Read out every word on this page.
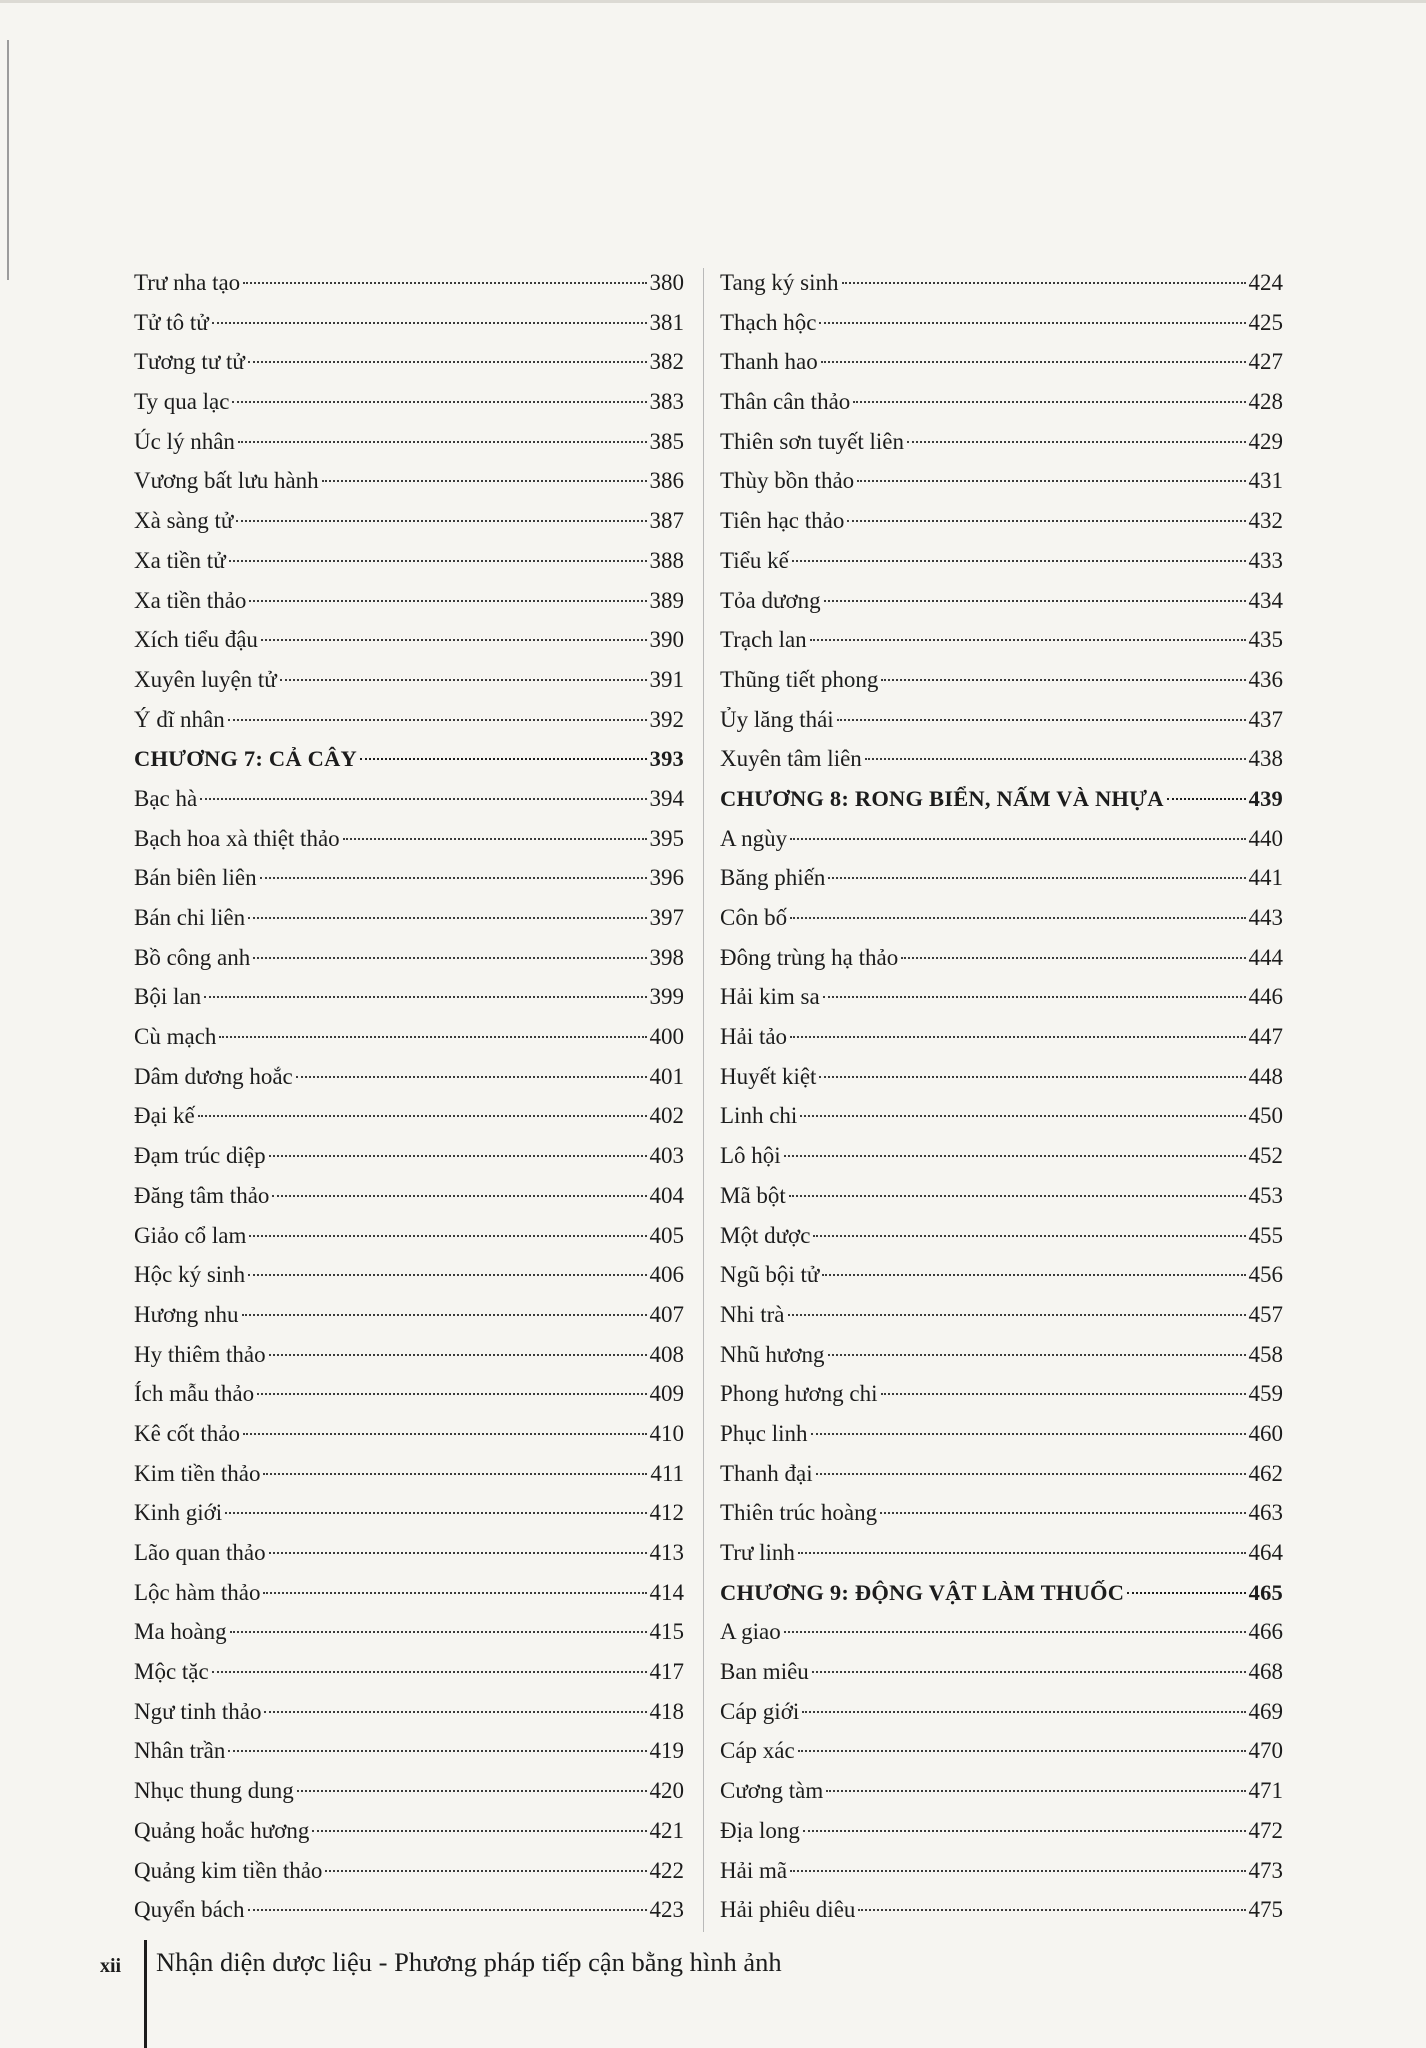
Trư nha tạo	380
Tử tô tử	381
Tương tư tử	382
Ty qua lạc	383
Úc lý nhân	385
Vương bất lưu hành	386
Xà sàng tử	387
Xa tiền tử	388
Xa tiền thảo	389
Xích tiểu đậu	390
Xuyên luyện tử	391
Ý dĩ nhân	392
CHƯƠNG 7: CẢ CÂY	393
Bạc hà	394
Bạch hoa xà thiệt thảo	395
Bán biên liên	396
Bán chi liên	397
Bồ công anh	398
Bội lan	399
Cù mạch	400
Dâm dương hoắc	401
Đại kế	402
Đạm trúc diệp	403
Đăng tâm thảo	404
Giảo cổ lam	405
Hộc ký sinh	406
Hương nhu	407
Hy thiêm thảo	408
Ích mẫu thảo	409
Kê cốt thảo	410
Kim tiền thảo	411
Kinh giới	412
Lão quan thảo	413
Lộc hàm thảo	414
Ma hoàng	415
Mộc tặc	417
Ngư tinh thảo	418
Nhân trần	419
Nhục thung dung	420
Quảng hoắc hương	421
Quảng kim tiền thảo	422
Quyển bách	423
Tang ký sinh	424
Thạch hộc	425
Thanh hao	427
Thân cân thảo	428
Thiên sơn tuyết liên	429
Thùy bồn thảo	431
Tiên hạc thảo	432
Tiểu kế	433
Tỏa dương	434
Trạch lan	435
Thũng tiết phong	436
Ủy lăng thái	437
Xuyên tâm liên	438
CHƯƠNG 8: RONG BIỂN, NẤM VÀ NHỰA	439
A ngùy	440
Băng phiến	441
Côn bố	443
Đông trùng hạ thảo	444
Hải kim sa	446
Hải tảo	447
Huyết kiệt	448
Linh chi	450
Lô hội	452
Mã bột	453
Một dược	455
Ngũ bội tử	456
Nhi trà	457
Nhũ hương	458
Phong hương chi	459
Phục linh	460
Thanh đại	462
Thiên trúc hoàng	463
Trư linh	464
CHƯƠNG 9: ĐỘNG VẬT LÀM THUỐC	465
A giao	466
Ban miêu	468
Cáp giới	469
Cáp xác	470
Cương tàm	471
Địa long	472
Hải mã	473
Hải phiêu diêu	475
xii Nhận diện dược liệu - Phương pháp tiếp cận bằng hình ảnh
